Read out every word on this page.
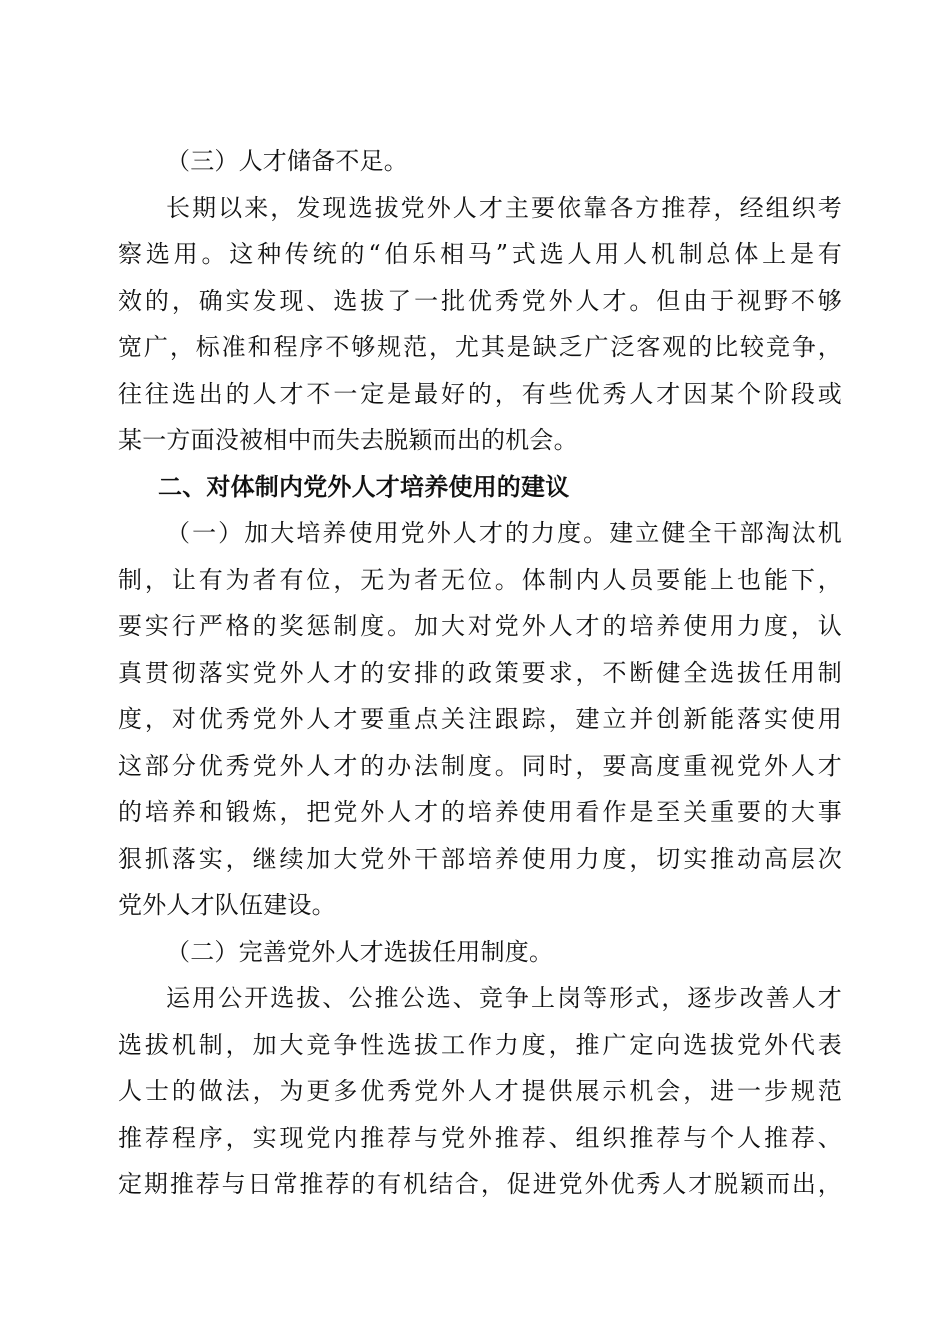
（三）人才储备不足。
长期以来，发现选拔党外人才主要依靠各方推荐，经组织考
察选用。这种传统的“伯乐相马”式选人用人机制总体上是有
效的，确实发现、选拔了一批优秀党外人才。但由于视野不够
宽广，标准和程序不够规范，尤其是缺乏广泛客观的比较竞争，
往往选出的人才不一定是最好的，有些优秀人才因某个阶段或
某一方面没被相中而失去脱颖而出的机会。
二、对体制内党外人才培养使用的建议
（一）加大培养使用党外人才的力度。建立健全干部淘汰机
制，让有为者有位，无为者无位。体制内人员要能上也能下，
要实行严格的奖惩制度。加大对党外人才的培养使用力度，认
真贯彻落实党外人才的安排的政策要求，不断健全选拔任用制
度，对优秀党外人才要重点关注跟踪，建立并创新能落实使用
这部分优秀党外人才的办法制度。同时，要高度重视党外人才
的培养和锻炼，把党外人才的培养使用看作是至关重要的大事
狠抓落实，继续加大党外干部培养使用力度，切实推动高层次
党外人才队伍建设。
（二）完善党外人才选拔任用制度。
运用公开选拔、公推公选、竞争上岗等形式，逐步改善人才
选拔机制，加大竞争性选拔工作力度，推广定向选拔党外代表
人士的做法，为更多优秀党外人才提供展示机会，进一步规范
推荐程序，实现党内推荐与党外推荐、组织推荐与个人推荐、
定期推荐与日常推荐的有机结合，促进党外优秀人才脱颖而出，
